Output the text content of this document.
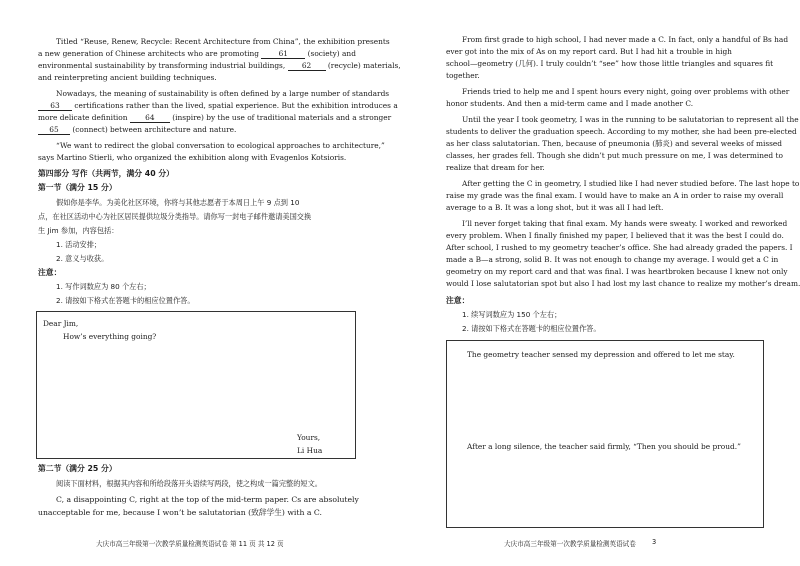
Titled “Reuse, Renew, Recycle: Recent Architecture from China”, the exhibition presents
a new generation of Chinese architects who are promoting 61 (society) and
environmental sustainability by transforming industrial buildings, 62 (recycle) materials,
and reinterpreting ancient building techniques.
Nowadays, the meaning of sustainability is often defined by a large number of standards
63 certifications rather than the lived, spatial experience. But the exhibition introduces a
more delicate definition 64 (inspire) by the use of traditional materials and a stronger
65 (connect) between architecture and nature.
“We want to redirect the global conversation to ecological approaches to architecture,”
says Martino Stierli, who organized the exhibition along with Evagenlos Kotsioris.
第四部分 写作（共两节，满分 40 分）
第一节（满分 15 分）
假如你是李华。为美化社区环境，你将与其他志愿者于本周日上午 9 点到 10
点，在社区活动中心为社区居民提供垃圾分类指导。请你写一封电子邮件邀请美国交换
生 Jim 参加，内容包括：
1. 活动安排；
2. 意义与收获。
注意：
1. 写作词数应为 80 个左右；
2. 请按如下格式在答题卡的相应位置作答。
Dear Jim,
How’s everything going?
Yours,
Li Hua
第二节（满分 25 分）
阅读下面材料，根据其内容和所给段落开头语续写两段，使之构成一篇完整的短文。
C, a disappointing C, right at the top of the mid-term paper. Cs are absolutely
unacceptable for me, because I won’t be salutatorian (致辞学生) with a C.
大庆市高三年级第一次教学质量检测英语试卷 第 11 页 共 12 页
From first grade to high school, I had never made a C. In fact, only a handful of Bs had
ever got into the mix of As on my report card. But I had hit a trouble in high
school—geometry (几何). I truly couldn’t “see” how those little triangles and squares fit
together.
Friends tried to help me and I spent hours every night, going over problems with other
honor students. And then a mid-term came and I made another C.
Until the year I took geometry, I was in the running to be salutatorian to represent all the
students to deliver the graduation speech. According to my mother, she had been pre-elected
as her class salutatorian. Then, because of pneumonia (肺炎) and several weeks of missed
classes, her grades fell. Though she didn’t put much pressure on me, I was determined to
realize that dream for her.
After getting the C in geometry, I studied like I had never studied before. The last hope to
raise my grade was the final exam. I would have to make an A in order to raise my overall
average to a B. It was a long shot, but it was all I had left.
I’ll never forget taking that final exam. My hands were sweaty. I worked and reworked
every problem. When I finally finished my paper, I believed that it was the best I could do.
After school, I rushed to my geometry teacher’s office. She had already graded the papers. I
made a B—a strong, solid B. It was not enough to change my average. I would get a C in
geometry on my report card and that was final. I was heartbroken because I knew not only
would I lose salutatorian spot but also I had lost my last chance to realize my mother’s dream.
注意：
1. 续写词数应为 150 个左右；
2. 请按如下格式在答题卡的相应位置作答。
The geometry teacher sensed my depression and offered to let me stay.
After a long silence, the teacher said firmly, “Then you should be proud.”
大庆市高三年级第一次教学质量检测英语试卷 3
